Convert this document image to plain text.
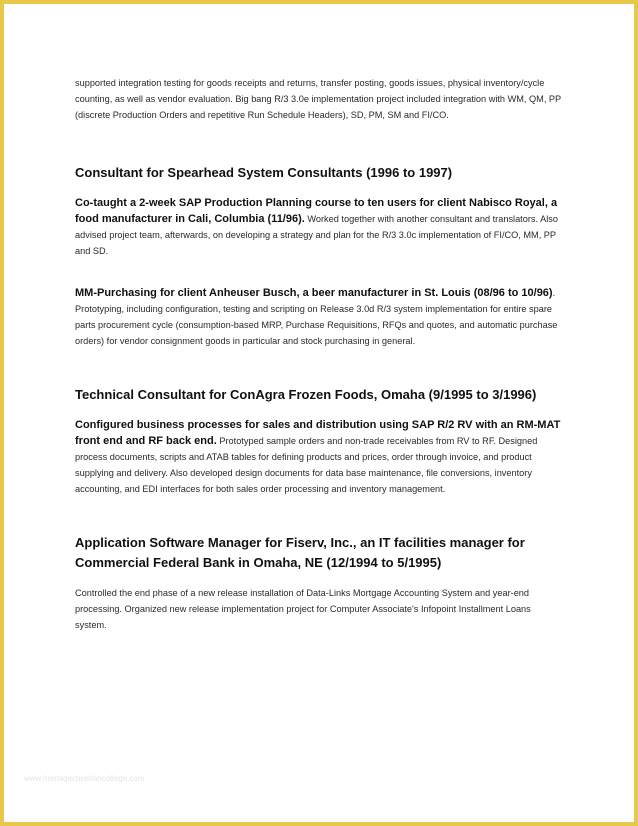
supported integration testing for goods receipts and returns, transfer posting, goods issues, physical inventory/cycle counting, as well as vendor evaluation. Big bang R/3 3.0e implementation project included integration with WM, QM, PP (discrete Production Orders and repetitive Run Schedule Headers), SD, PM, SM and FI/CO.

Consultant for Spearhead System Consultants (1996 to 1997)

Co-taught a 2-week SAP Production Planning course to ten users for client Nabisco Royal, a food manufacturer in Cali, Columbia (11/96). Worked together with another consultant and translators. Also advised project team, afterwards, on developing a strategy and plan for the R/3 3.0c implementation of FI/CO, MM, PP and SD.

MM-Purchasing for client Anheuser Busch, a beer manufacturer in St. Louis (08/96 to 10/96). Prototyping, including configuration, testing and scripting on Release 3.0d R/3 system implementation for entire spare parts procurement cycle (consumption-based MRP, Purchase Requisitions, RFQs and quotes, and automatic purchase orders) for vendor consignment goods in particular and stock purchasing in general.

Technical Consultant for ConAgra Frozen Foods, Omaha (9/1995 to 3/1996)

Configured business processes for sales and distribution using SAP R/2 RV with an RM-MAT front end and RF back end. Prototyped sample orders and non-trade receivables from RV to RF. Designed process documents, scripts and ATAB tables for defining products and prices, order through invoice, and product supplying and delivery. Also developed design documents for data base maintenance, file conversions, inventory accounting, and EDI interfaces for both sales order processing and inventory management.

Application Software Manager for Fiserv, Inc., an IT facilities manager for Commercial Federal Bank in Omaha, NE (12/1994 to 5/1995)

Controlled the end phase of a new release installation of Data-Links Mortgage Accounting System and year-end processing. Organized new release implementation project for Computer Associate's Infopoint Installment Loans system.

www.heritagechristiancollege.com
